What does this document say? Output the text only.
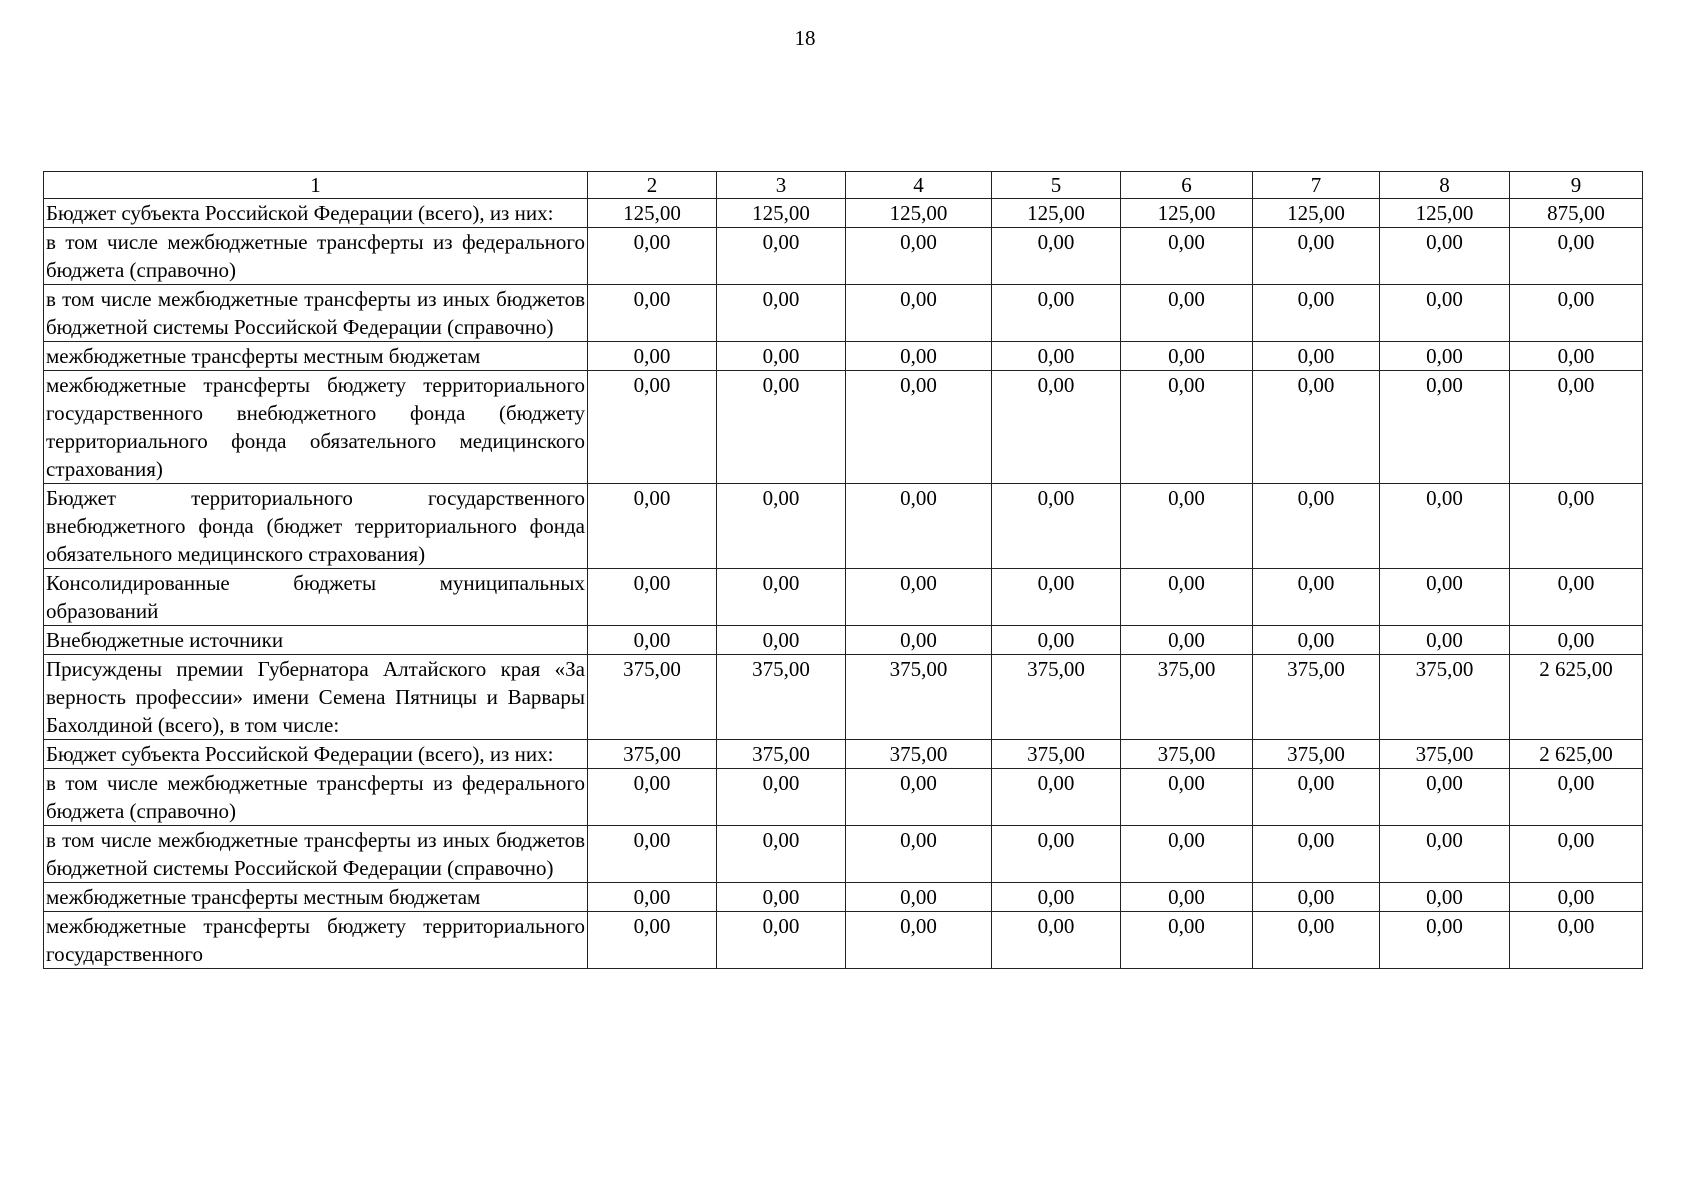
18
1	2	3	4	5	6	7	8	9
Бюджет субъекта Российской Федерации (всего), из них:	125,00	125,00	125,00	125,00	125,00	125,00	125,00	875,00
в том числе межбюджетные трансферты из федерального бюджета (справочно)	0,00	0,00	0,00	0,00	0,00	0,00	0,00	0,00
в том числе межбюджетные трансферты из иных бюджетов бюджетной системы Российской Федерации (справочно)	0,00	0,00	0,00	0,00	0,00	0,00	0,00	0,00
межбюджетные трансферты местным бюджетам	0,00	0,00	0,00	0,00	0,00	0,00	0,00	0,00
межбюджетные трансферты бюджету территориального государственного внебюджетного фонда (бюджету территориального фонда обязательного медицинского страхования)	0,00	0,00	0,00	0,00	0,00	0,00	0,00	0,00
Бюджет территориального государственного внебюджетного фонда (бюджет территориального фонда обязательного медицинского страхования)	0,00	0,00	0,00	0,00	0,00	0,00	0,00	0,00
Консолидированные бюджеты муниципальных образований	0,00	0,00	0,00	0,00	0,00	0,00	0,00	0,00
Внебюджетные источники	0,00	0,00	0,00	0,00	0,00	0,00	0,00	0,00
Присуждены премии Губернатора Алтайского края «За верность профессии» имени Семена Пятницы и Варвары Бахолдиной (всего), в том числе:	375,00	375,00	375,00	375,00	375,00	375,00	375,00	2 625,00
Бюджет субъекта Российской Федерации (всего), из них:	375,00	375,00	375,00	375,00	375,00	375,00	375,00	2 625,00
в том числе межбюджетные трансферты из федерального бюджета (справочно)	0,00	0,00	0,00	0,00	0,00	0,00	0,00	0,00
в том числе межбюджетные трансферты из иных бюджетов бюджетной системы Российской Федерации (справочно)	0,00	0,00	0,00	0,00	0,00	0,00	0,00	0,00
межбюджетные трансферты местным бюджетам	0,00	0,00	0,00	0,00	0,00	0,00	0,00	0,00
межбюджетные трансферты бюджету территориального государственного	0,00	0,00	0,00	0,00	0,00	0,00	0,00	0,00
